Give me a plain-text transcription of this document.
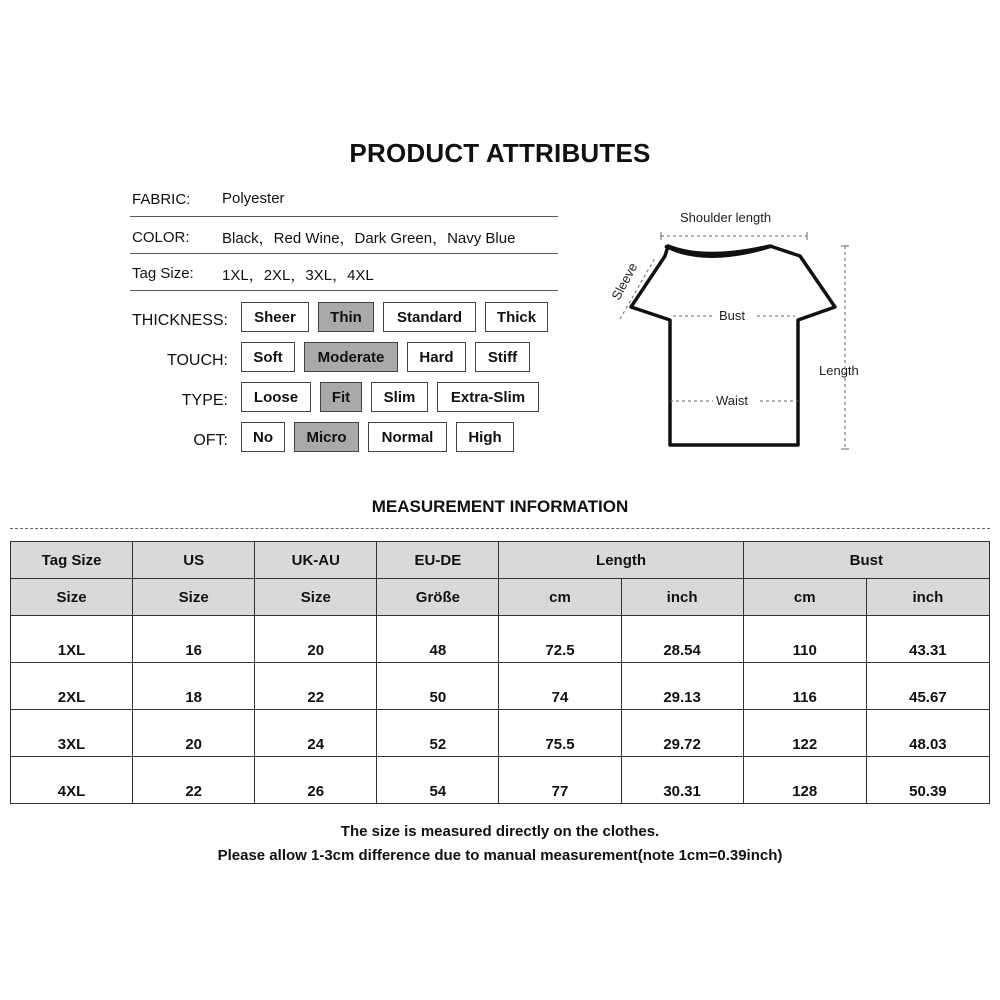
PRODUCT ATTRIBUTES
FABRIC: Polyester
COLOR: Black，Red Wine，Dark Green，Navy Blue
Tag Size: 1XL，2XL，3XL，4XL
THICKNESS:	Sheer	Thin	Standard	Thick
TOUCH:	Soft	Moderate	Hard	Stiff
TYPE:	Loose	Fit	Slim	Extra-Slim
OFT:	No	Micro	Normal	High
Shoulder length
Sleeve
Bust
Waist
Length
MEASUREMENT INFORMATION
Tag Size	US	UK-AU	EU-DE	Length		Bust	
Size	Size	Size	Größe	cm	inch	cm	inch
1XL	16	20	48	72.5	28.54	110	43.31
2XL	18	22	50	74	29.13	116	45.67
3XL	20	24	52	75.5	29.72	122	48.03
4XL	22	26	54	77	30.31	128	50.39
The size is measured directly on the clothes.
Please allow 1-3cm difference due to manual measurement(note 1cm=0.39inch)
